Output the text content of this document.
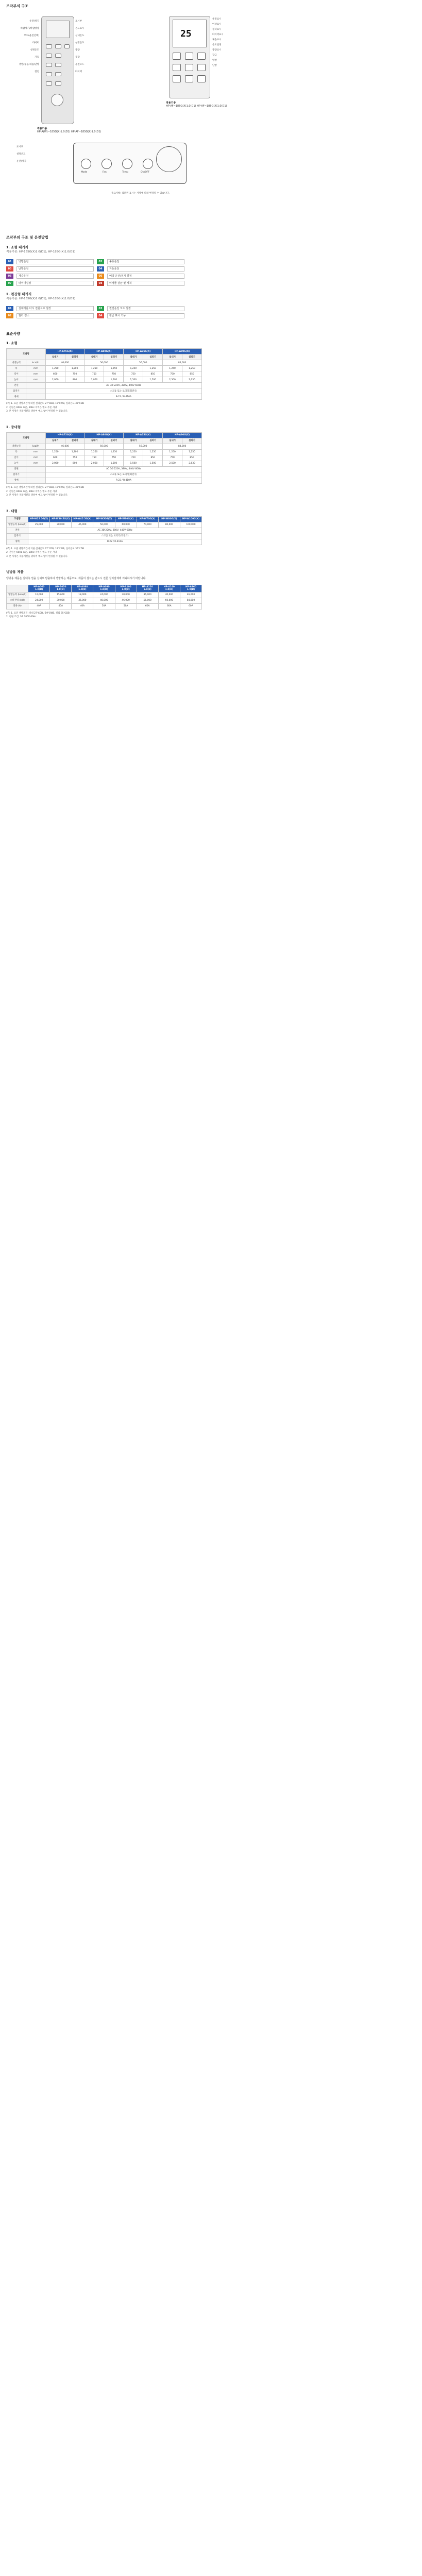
조작부의 구조
운전/정지
바람세기/바람방향
모드(운전선택)
타이머
설정온도
자동
냉방/송풍/제습/난방
절전
표시부
온도표시
실내온도
설정온도
풍량
풍향
운전모드
타이머
적용기종
HP-A(W)~185G(X)1.0(D1) HP-AF~185G(X)1.0(D1)
25
운전표시
이상표시
필터표시
타이머표시
제습표시
온도설정
풍량표시
잠금
냉방
난방
적용기종
HP-AF~185G(X)1.0(D1) HP-AF~185G(X)1.0(D1)
표시부
설정온도
운전/정지
Mode	Fan	Temp	ON/OFF
주요사항: 리모컨 표시는 사양에 따라 변경될 수 있습니다.
조작부의 구조 및 운전방법
1. 소형 패키지
적용기종: HP-165G(X)1.0(D1), HP-185G(X)1.0(D1)
01	냉방운전	02	송풍운전
03	난방운전	04	자동운전
05	제습운전	06	예약 운전/정지 설정
07	타이머설정	08	미생물 살균 및 세척
2. 천장형 패키지
적용기종: HP-165G(X)1.0(D1), HP-185G(X)1.0(D1)
01	실내기를 다시 전원으로 설정	03	절전운전 모드 설정
02	필터 청소	04	잠금 표시 기능
표준사양
1. 소형
모델명		HP-A75G(X)		HP-A80G(X)		HP-A75G(X)		HP-A90G(X)	
		실내기	실외기	실내기	실외기	실내기	실외기	실내기	실외기
냉방능력	kcal/h	46,000		56,000		56,000		84,000	
폭	mm	1,250	1,200	1,250	1,250	1,250	1,250	1,250	1,250
깊이	mm	660	750	750	750	750	850	750	850
높이	mm	2,060	800	2,060	1,500	1,500	1,500	2,500	2,630
전원		AC 3Ø 220V, 380V, 440V 60Hz							
압축기		스크롤 또는 로터리(회전식)							
냉매		R-22 / R-410A							
(주) 1. 표준 냉방조건에 의한 실내온도 27℃DB, 19℃WB, 실외온도 35℃DB
2. 전원은 60Hz 표준, 50Hz 지역은 별도 주문 사양
3. 본 사양은 제품개선을 위하여 예고 없이 변경될 수 있습니다.
2. 중대형
모델명		HP-A75G(X)		HP-A80G(X)		HP-A75G(X)		HP-A90G(X)	
		실내기	실외기	실내기	실외기	실내기	실외기	실내기	실외기
냉방능력	kcal/h	46,000		56,000		56,000		84,000	
폭	mm	1,250	1,200	1,250	1,250	1,250	1,250	1,250	1,250
깊이	mm	660	750	750	750	750	850	750	850
높이	mm	2,060	800	2,060	1,500	1,500	1,500	2,500	2,630
전원		AC 3Ø 220V, 380V, 440V 60Hz							
압축기		스크롤 또는 로터리(회전식)							
냉매		R-22 / R-410A							
(주) 1. 표준 냉방조건에 의한 실내온도 27℃DB, 19℃WB, 실외온도 35℃DB
2. 전원은 60Hz 표준, 50Hz 지역은 별도 주문 사양
3. 본 사양은 제품개선을 위하여 예고 없이 변경될 수 있습니다.
3. 대형
모델명	HP-W25 5G(X)	HP-W30 5G(X)	HP-W45 5G(X)	HP-W50G(X)	HP-W60G(X)	HP-W70G(X)	HP-W80G(X)	HP-W100G(X)
냉방능력 (kcal/h)	25,000	30,000	45,000	50,000	60,000	70,000	80,000	100,000
전원	AC 3Ø 220V, 380V, 440V 60Hz							
압축기	스크롤 또는 로터리(회전식)							
냉매	R-22 / R-410A							
(주) 1. 표준 냉방조건에 의한 실내온도 27℃DB, 19℃WB, 실외온도 35℃DB
2. 전원은 60Hz 표준, 50Hz 지역은 별도 주문 사양
3. 본 사양은 제품개선을 위하여 예고 없이 변경될 수 있습니다.
냉방용 제품
냉방용 제품은 실내측 열을 실외로 방출하여 냉방하는 제품으로, 제품의 설치는 반드시 전문 설치업체에 의뢰하시기 바랍니다.
	HP-A060 1.0(D)	HP-A070 1.0(D)	HP-A080 1.0(D)	HP-A090 1.0(D)	HP-A100 1.0(D)	HP-A120 1.0(D)	HP-A140 1.0(D)	HP-A160 1.0(D)
냉방능력 (kcal/h)	12,000	15,600	18,000	24,000	30,000	36,000	40,000	46,000
소비전력 (kW)	24,000	30,000	36,000	40,000	46,000	56,000	60,000	84,000
전류 (A)	40A	40A	40A	50A	50A	60A	60A	60A
(주) 1. 표준 냉방조건: 실내 27℃DB / 19℃WB, 실외 35℃DB
2. 전원 조건: 3Ø 380V 60Hz
